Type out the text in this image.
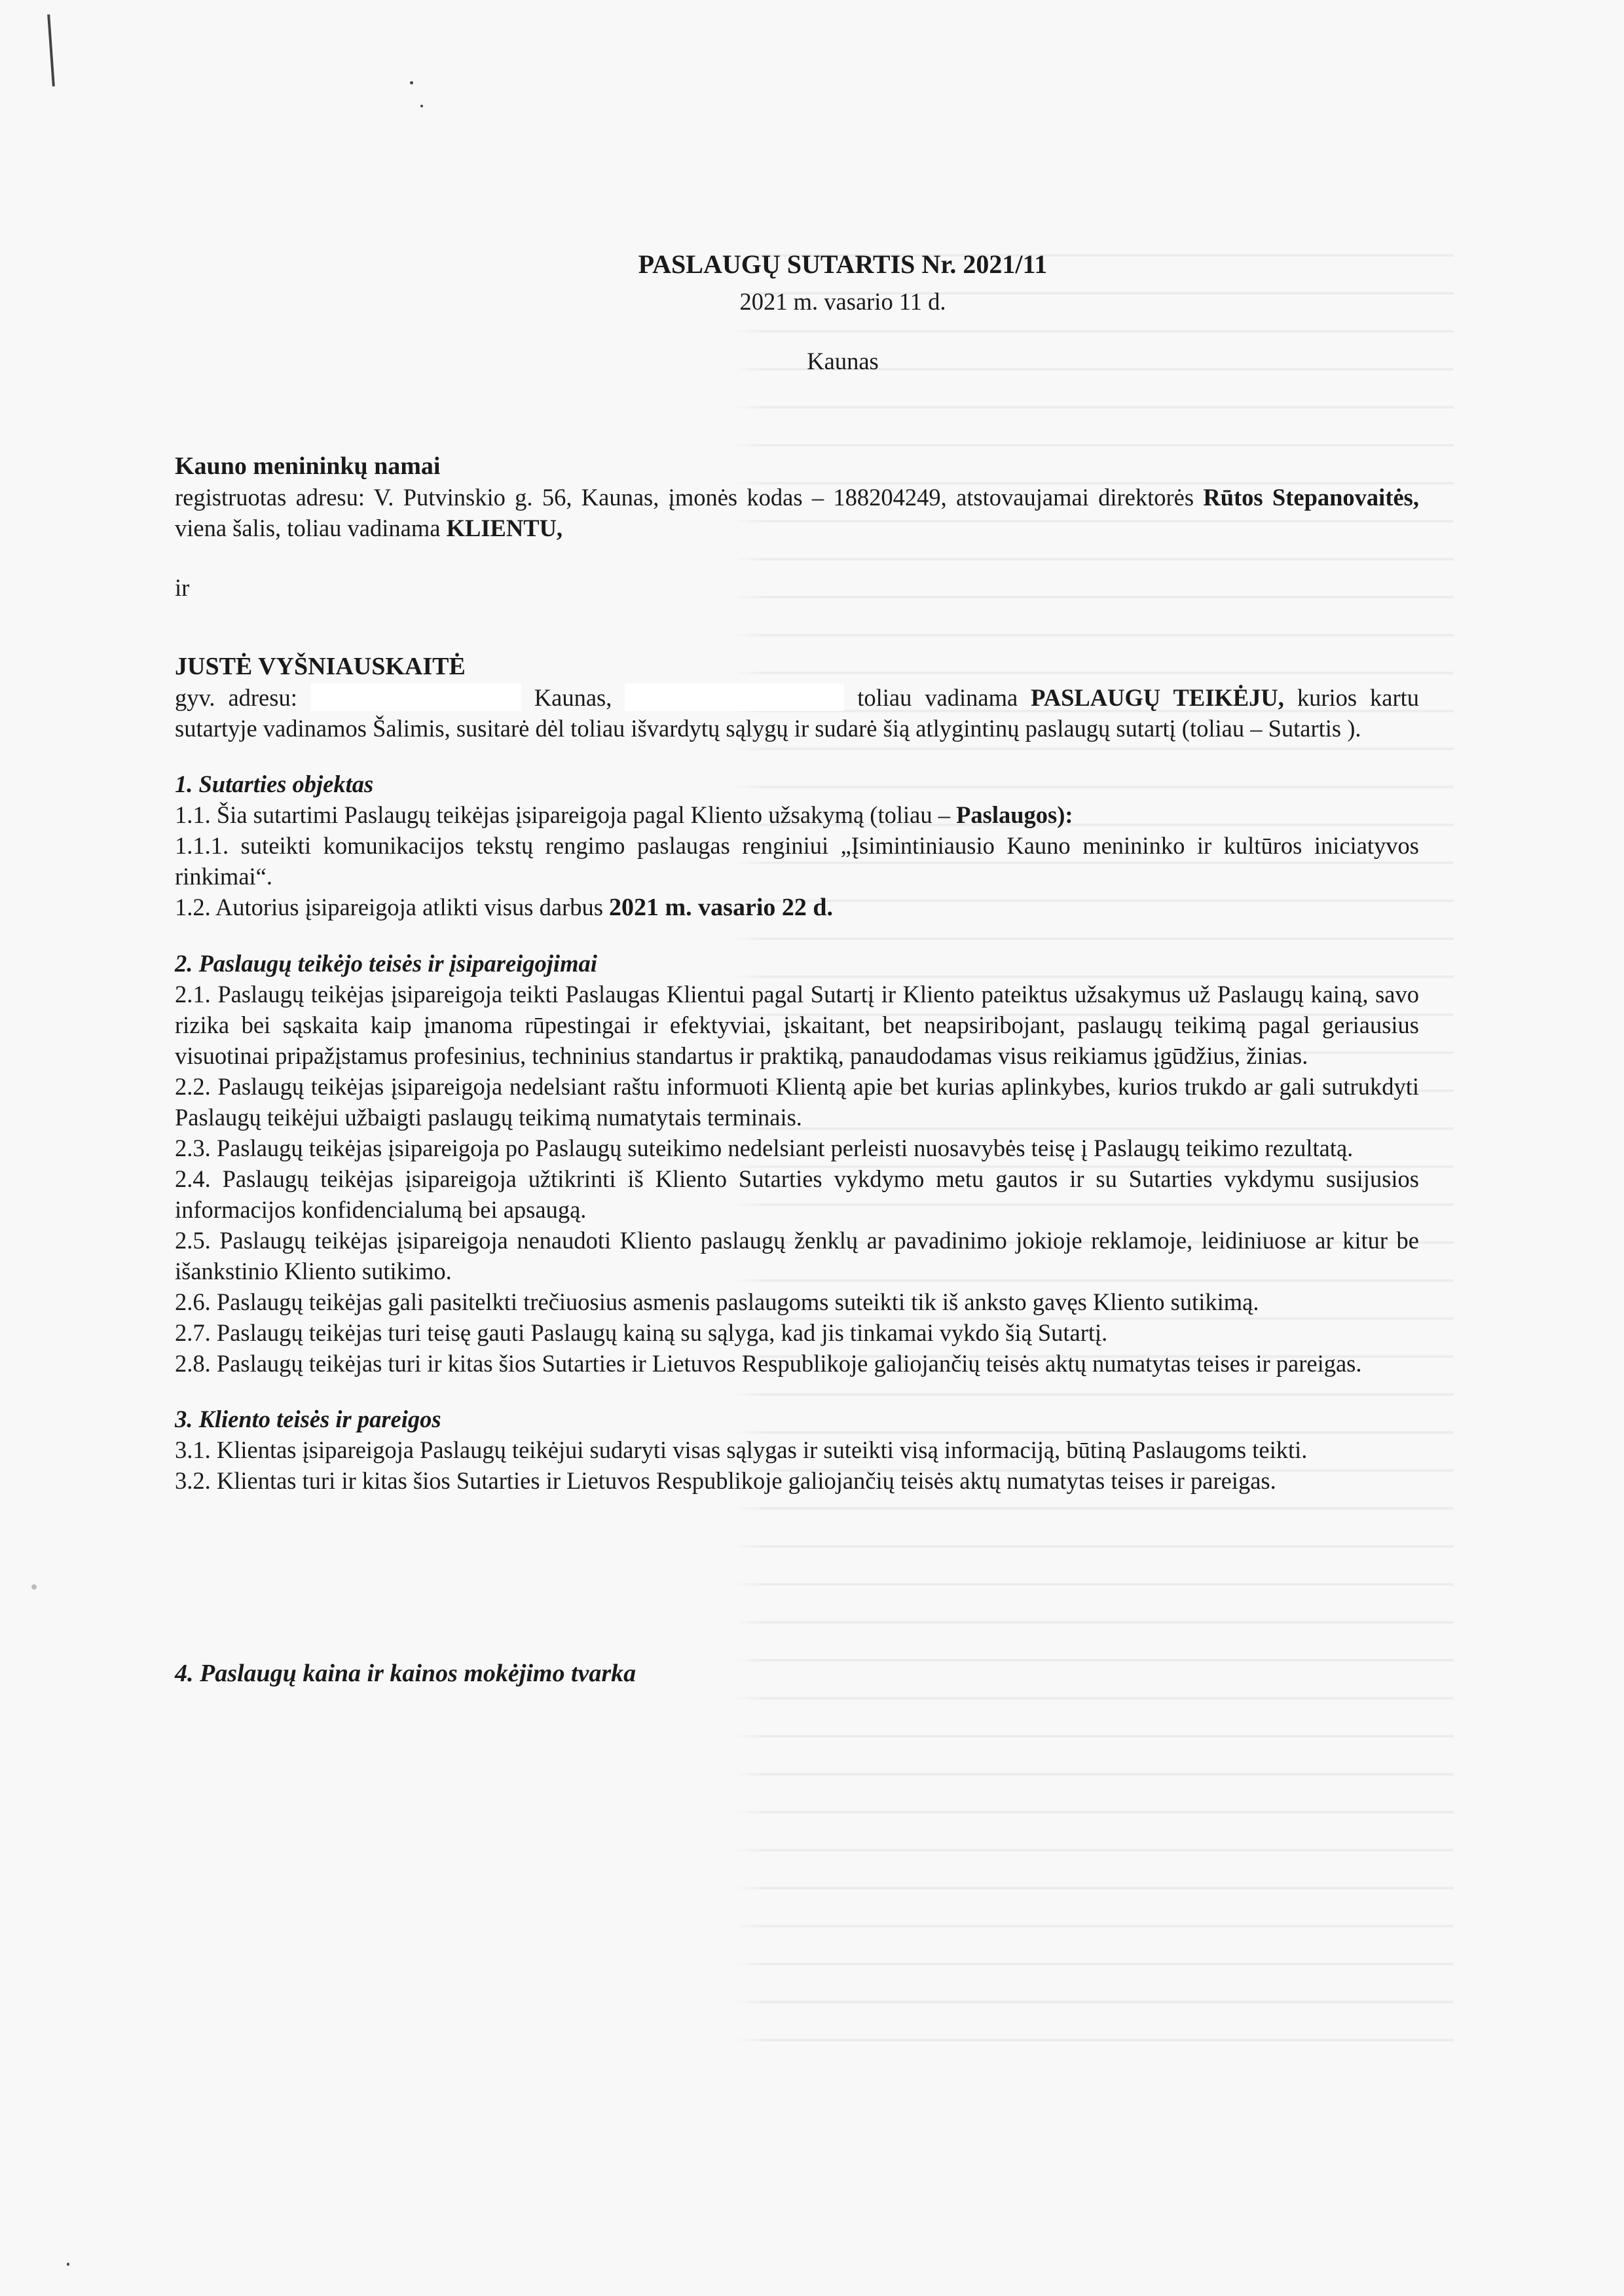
PASLAUGŲ SUTARTIS Nr. 2021/11
2021 m. vasario 11 d.
Kaunas
Kauno menininkų namai

registruotas adresu: V. Putvinskio g. 56, Kaunas, įmonės kodas – 188204249, atstovaujamai direktorės Rūtos Stepanovaitės, viena šalis, toliau vadinama KLIENTU,

ir
JUSTĖ VYŠNIAUSKAITĖ

gyv. adresu:	Kaunas,	toliau vadinama PASLAUGŲ TEIKĖJU, kurios kartu sutartyje vadinamos Šalimis, susitarė dėl toliau išvardytų sąlygų ir sudarė šią atlygintinų paslaugų sutartį (toliau – Sutartis ).

1. Sutarties objektas

1.1. Šia sutartimi Paslaugų teikėjas įsipareigoja pagal Kliento užsakymą (toliau – Paslaugos):

1.1.1. suteikti komunikacijos tekstų rengimo paslaugas renginiui „Įsimintiniausio Kauno menininko ir kultūros iniciatyvos rinkimai“.

1.2. Autorius įsipareigoja atlikti visus darbus 2021 m. vasario 22 d.

2. Paslaugų teikėjo teisės ir įsipareigojimai

2.1. Paslaugų teikėjas įsipareigoja teikti Paslaugas Klientui pagal Sutartį ir Kliento pateiktus užsakymus už Paslaugų kainą, savo rizika bei sąskaita kaip įmanoma rūpestingai ir efektyviai, įskaitant, bet neapsiribojant, paslaugų teikimą pagal geriausius visuotinai pripažįstamus profesinius, techninius standartus ir praktiką, panaudodamas visus reikiamus įgūdžius, žinias.

2.2. Paslaugų teikėjas įsipareigoja nedelsiant raštu informuoti Klientą apie bet kurias aplinkybes, kurios trukdo ar gali sutrukdyti Paslaugų teikėjui užbaigti paslaugų teikimą numatytais terminais.

2.3. Paslaugų teikėjas įsipareigoja po Paslaugų suteikimo nedelsiant perleisti nuosavybės teisę į Paslaugų teikimo rezultatą.

2.4. Paslaugų teikėjas įsipareigoja užtikrinti iš Kliento Sutarties vykdymo metu gautos ir su Sutarties vykdymu susijusios informacijos konfidencialumą bei apsaugą.

2.5. Paslaugų teikėjas įsipareigoja nenaudoti Kliento paslaugų ženklų ar pavadinimo jokioje reklamoje, leidiniuose ar kitur be išankstinio Kliento sutikimo.

2.6. Paslaugų teikėjas gali pasitelkti trečiuosius asmenis paslaugoms suteikti tik iš anksto gavęs Kliento sutikimą.

2.7. Paslaugų teikėjas turi teisę gauti Paslaugų kainą su sąlyga, kad jis tinkamai vykdo šią Sutartį.

2.8. Paslaugų teikėjas turi ir kitas šios Sutarties ir Lietuvos Respublikoje galiojančių teisės aktų numatytas teises ir pareigas.

3. Kliento teisės ir pareigos

3.1. Klientas įsipareigoja Paslaugų teikėjui sudaryti visas sąlygas ir suteikti visą informaciją, būtiną Paslaugoms teikti.

3.2. Klientas turi ir kitas šios Sutarties ir Lietuvos Respublikoje galiojančių teisės aktų numatytas teises ir pareigas.

4. Paslaugų kaina ir kainos mokėjimo tvarka
